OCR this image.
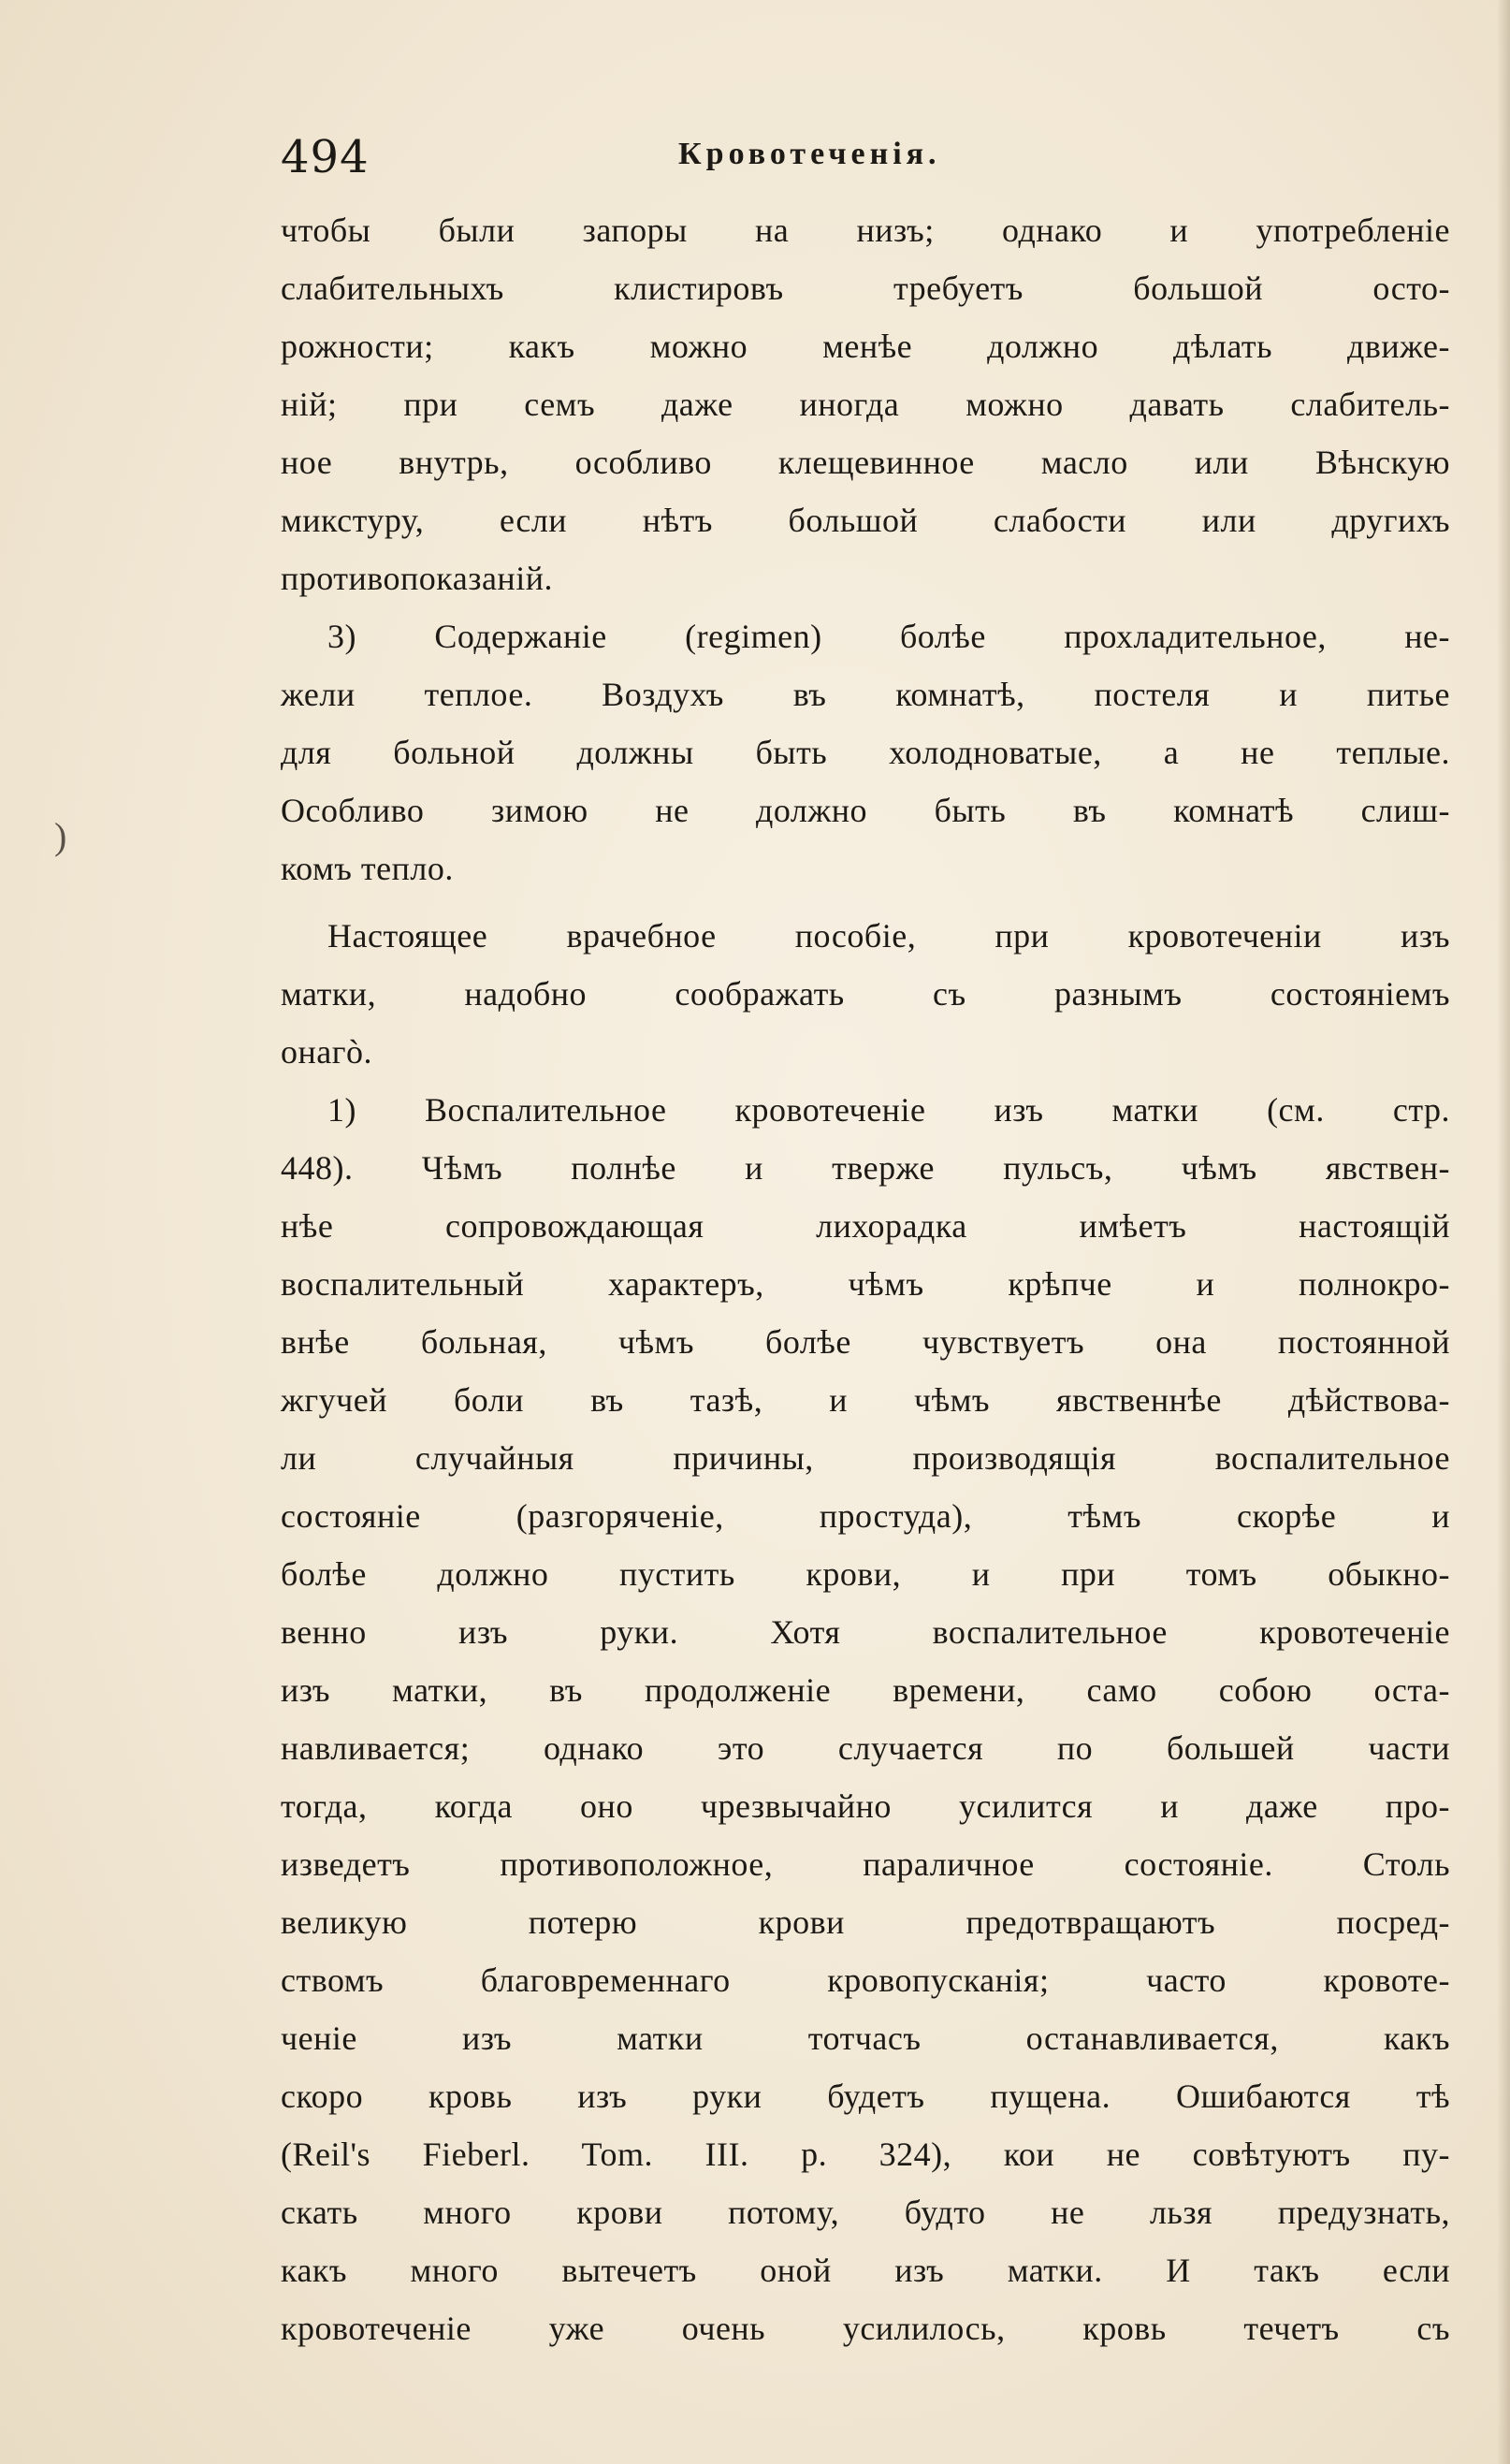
494	Кровотеченія.
)
чтобы были запоры на низъ; однако и употребленіе
слабительныхъ клистировъ требуетъ большой осто-
рожности; какъ можно менѣе должно дѣлать движе-
ній; при семъ даже иногда можно давать слабитель-
ное внутрь, особливо клещевинное масло или Вѣнскую
микстуру, если нѣтъ большой слабости или другихъ
противопоказаній.
3) Содержаніе (regimen) болѣе прохладительное, не-
жели теплое. Воздухъ въ комнатѣ, постеля и питье
для больной должны быть холодноватые, а не теплые.
Особливо зимою не должно быть въ комнатѣ слиш-
комъ тепло.
Настоящее врачебное пособіе, при кровотеченіи изъ
матки, надобно соображать съ разнымъ состояніемъ
онагò.
1) Воспалительное кровотеченіе изъ матки (см. стр.
448). Чѣмъ полнѣе и тверже пульсъ, чѣмъ явствен-
нѣе сопровождающая лихорадка имѣетъ настоящій
воспалительный характеръ, чѣмъ крѣпче и полнокро-
внѣе больная, чѣмъ болѣе чувствуетъ она постоянной
жгучей боли въ тазѣ, и чѣмъ явственнѣе дѣйствова-
ли случайныя причины, производящія воспалительное
состояніе (разгоряченіе, простуда), тѣмъ скорѣе и
болѣе должно пустить крови, и при томъ обыкно-
венно изъ руки. Хотя воспалительное кровотеченіе
изъ матки, въ продолженіе времени, само собою оста-
навливается; однако это случается по большей части
тогда, когда оно чрезвычайно усилится и даже про-
изведетъ противоположное, параличное состояніе. Столь
великую потерю крови предотвращаютъ посред-
ствомъ благовременнаго кровопусканія; часто кровоте-
ченіе изъ матки тотчасъ останавливается, какъ
скоро кровь изъ руки будетъ пущена. Ошибаются тѣ
(Reil's Fieberl. Tom. III. p. 324), кои не совѣтуютъ пу-
скать много крови потому, будто не льзя предузнать,
какъ много вытечетъ оной изъ матки. И такъ если
кровотеченіе уже очень усилилось, кровь течетъ съ
